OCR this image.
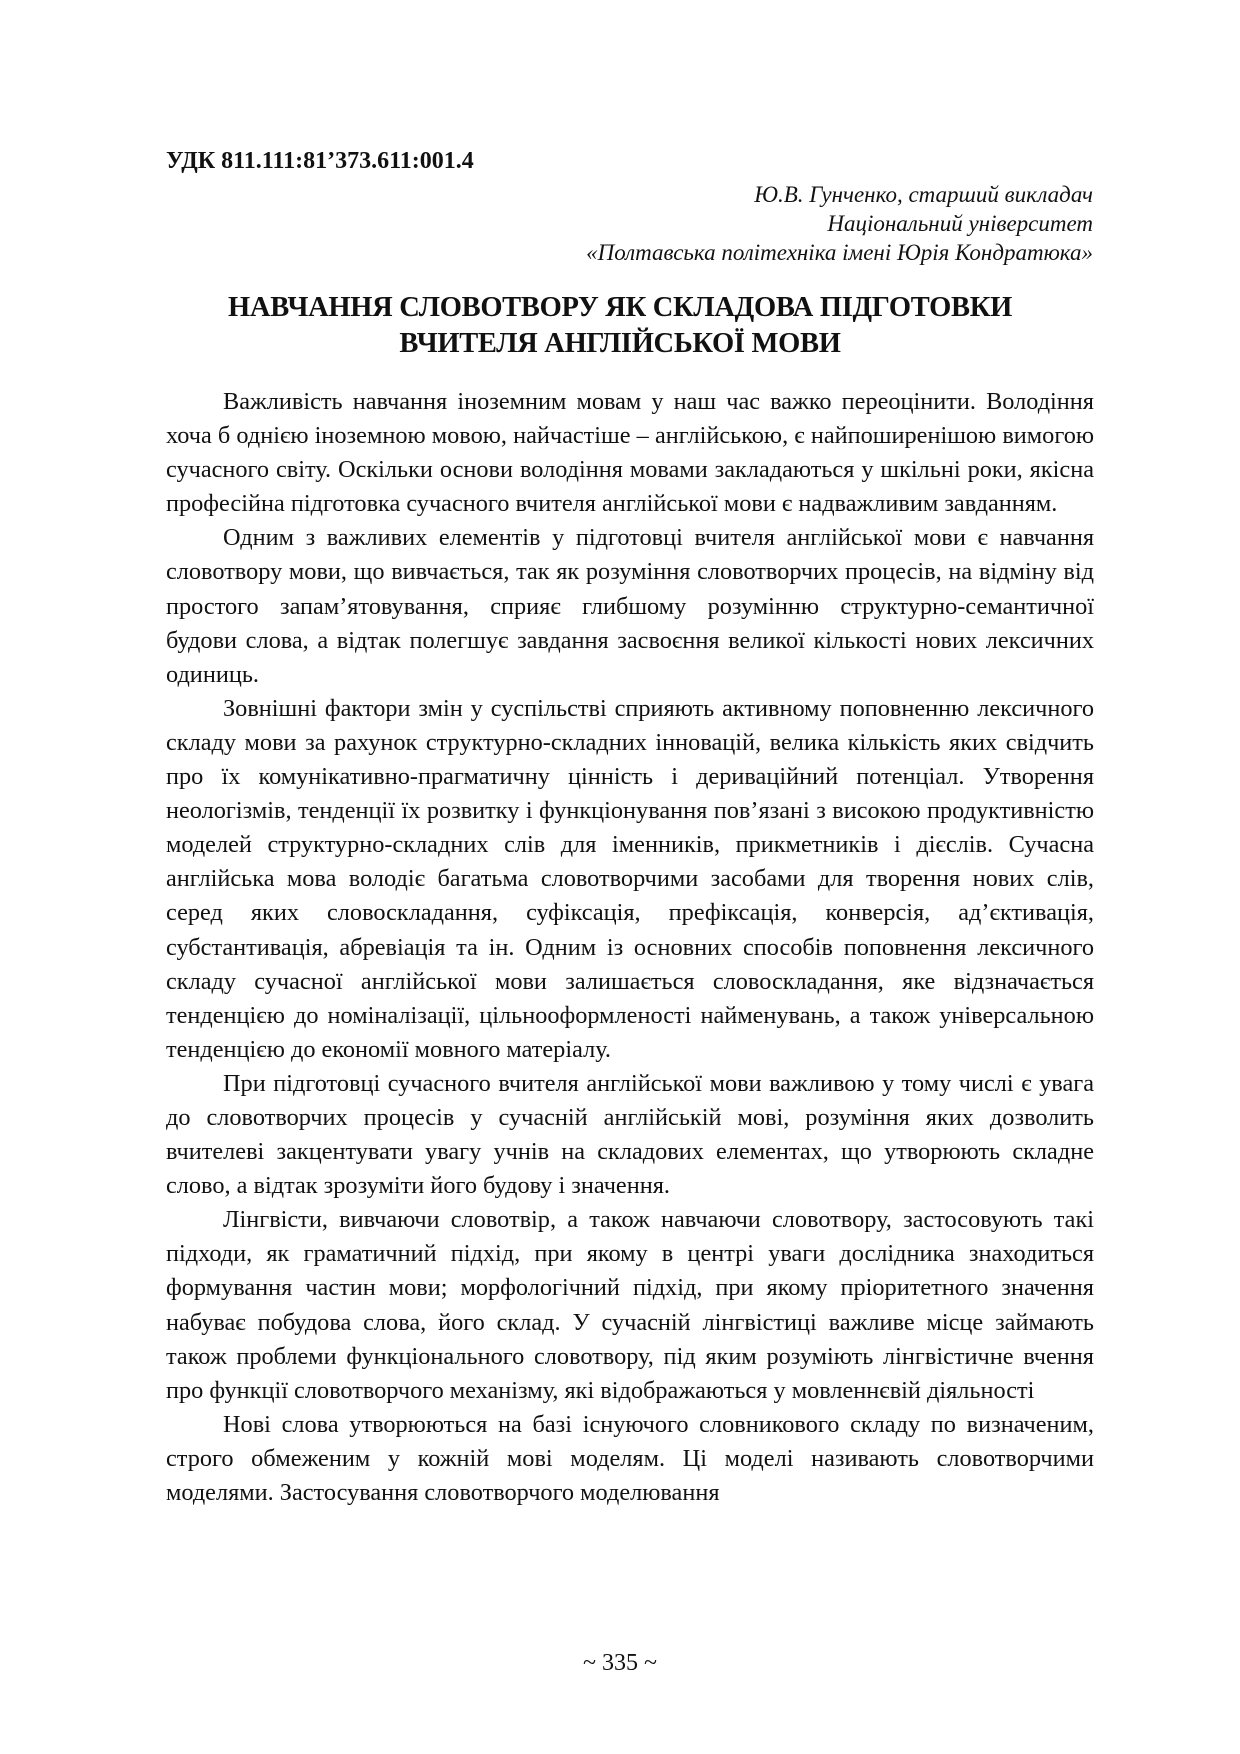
УДК 811.111:81’373.611:001.4
Ю.В. Гунченко, старший викладач
Національний університет
«Полтавська політехніка імені Юрія Кондратюка»
НАВЧАННЯ СЛОВОТВОРУ ЯК СКЛАДОВА ПІДГОТОВКИ
ВЧИТЕЛЯ АНГЛІЙСЬКОЇ МОВИ

Важливість навчання іноземним мовам у наш час важко переоцінити. Володіння хоча б однією іноземною мовою, найчастіше – англійською, є найпоширенішою вимогою сучасного світу. Оскільки основи володіння мовами закладаються у шкільні роки, якісна професійна підготовка сучасного вчителя англійської мови є надважливим завданням.

Одним з важливих елементів у підготовці вчителя англійської мови є навчання словотвору мови, що вивчається, так як розуміння словотворчих процесів, на відміну від простого запам’ятовування, сприяє глибшому розумінню структурно-семантичної будови слова, а відтак полегшує завдання засвоєння великої кількості нових лексичних одиниць.

Зовнішні фактори змін у суспільстві сприяють активному поповненню лексичного складу мови за рахунок структурно-складних інновацій, велика кількість яких свідчить про їх комунікативно-прагматичну цінність і дериваційний потенціал. Утворення неологізмів, тенденції їх розвитку і функціонування пов’язані з високою продуктивністю моделей структурно-складних слів для іменників, прикметників і дієслів. Сучасна англійська мова володіє багатьма словотворчими засобами для творення нових слів, серед яких словоскладання, суфіксація, префіксація, конверсія, ад’єктивація, субстантивація, абревіація та ін. Одним із основних способів поповнення лексичного складу сучасної англійської мови залишається словоскладання, яке відзначається тенденцією до номіналізації, цільнооформленості найменувань, а також універсальною тенденцією до економії мовного матеріалу.

При підготовці сучасного вчителя англійської мови важливою у тому числі є увага до словотворчих процесів у сучасній англійській мові, розуміння яких дозволить вчителеві закцентувати увагу учнів на складових елементах, що утворюють складне слово, а відтак зрозуміти його будову і значення.

Лінгвісти, вивчаючи словотвір, а також навчаючи словотвору, застосовують такі підходи, як граматичний підхід, при якому в центрі уваги дослідника знаходиться формування частин мови; морфологічний підхід, при якому пріоритетного значення набуває побудова слова, його склад. У сучасній лінгвістиці важливе місце займають також проблеми функціонального словотвору, під яким розуміють лінгвістичне вчення про функції словотворчого механізму, які відображаються у мовленнєвій діяльності

Нові слова утворюються на базі існуючого словникового складу по визначеним, строго обмеженим у кожній мові моделям. Ці моделі називають словотворчими моделями. Застосування словотворчого моделювання

~ 335 ~
